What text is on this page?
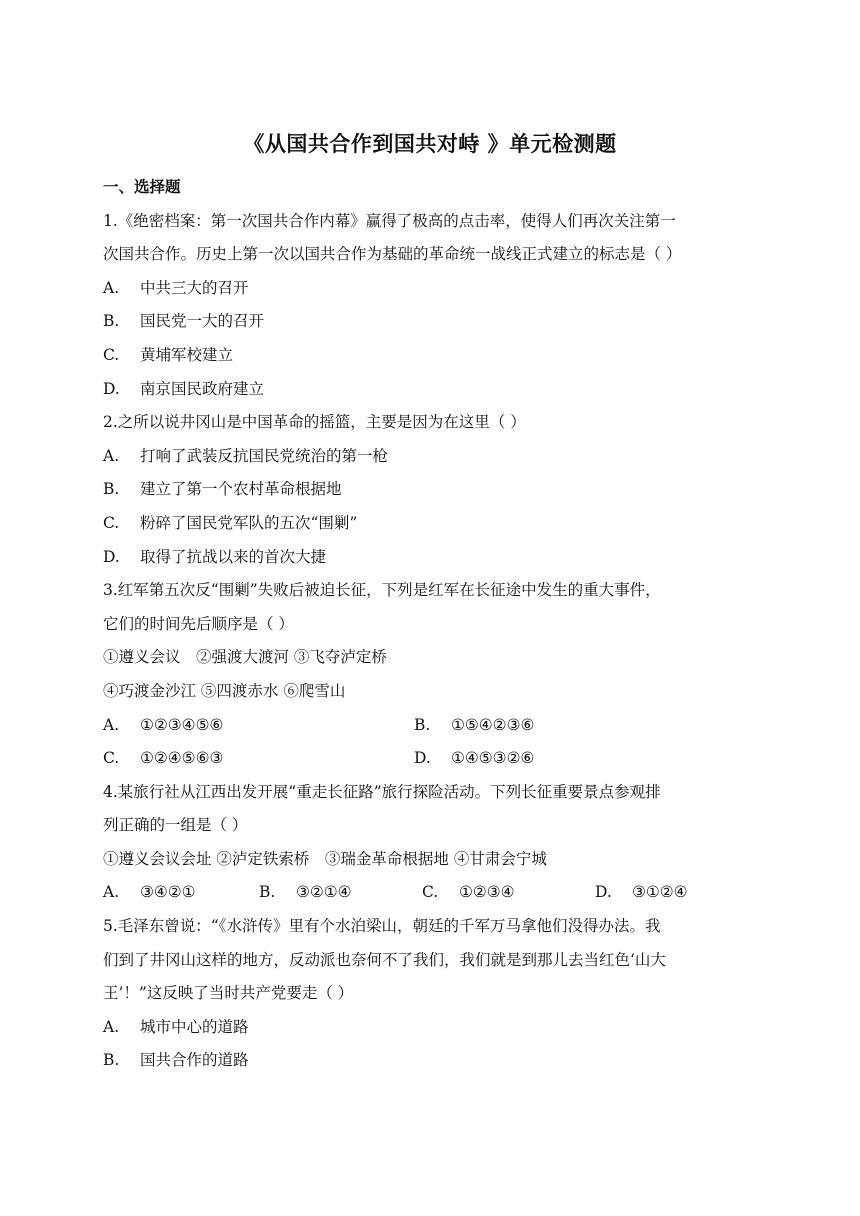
《从国共合作到国共对峙 》单元检测题
一、选择题
1.《绝密档案：第一次国共合作内幕》赢得了极高的点击率，使得人们再次关注第一
次国共合作。历史上第一次以国共合作为基础的革命统一战线正式建立的标志是（ ）
A. 中共三大的召开
B. 国民党一大的召开
C. 黄埔军校建立
D. 南京国民政府建立
2.之所以说井冈山是中国革命的摇篮，主要是因为在这里（ ）
A. 打响了武装反抗国民党统治的第一枪
B. 建立了第一个农村革命根据地
C. 粉碎了国民党军队的五次“围剿”
D. 取得了抗战以来的首次大捷
3.红军第五次反“围剿”失败后被迫长征，下列是红军在长征途中发生的重大事件，
它们的时间先后顺序是（ ）
①遵义会议　②强渡大渡河 ③飞夺泸定桥
④巧渡金沙江 ⑤四渡赤水 ⑥爬雪山
A. ①②③④⑤⑥	B. ①⑤④②③⑥
C. ①②④⑤⑥③	D. ①④⑤③②⑥
4.某旅行社从江西出发开展“重走长征路”旅行探险活动。下列长征重要景点参观排
列正确的一组是（ ）
①遵义会议会址 ②泸定铁索桥　③瑞金革命根据地 ④甘肃会宁城
A. ③④②①	B. ③②①④	C. ①②③④	D. ③①②④
5.毛泽东曾说：“《水浒传》里有个水泊梁山，朝廷的千军万马拿他们没得办法。我
们到了井冈山这样的地方，反动派也奈何不了我们，我们就是到那儿去当红色‘山大
王’！”这反映了当时共产党要走（ ）
A. 城市中心的道路
B. 国共合作的道路
